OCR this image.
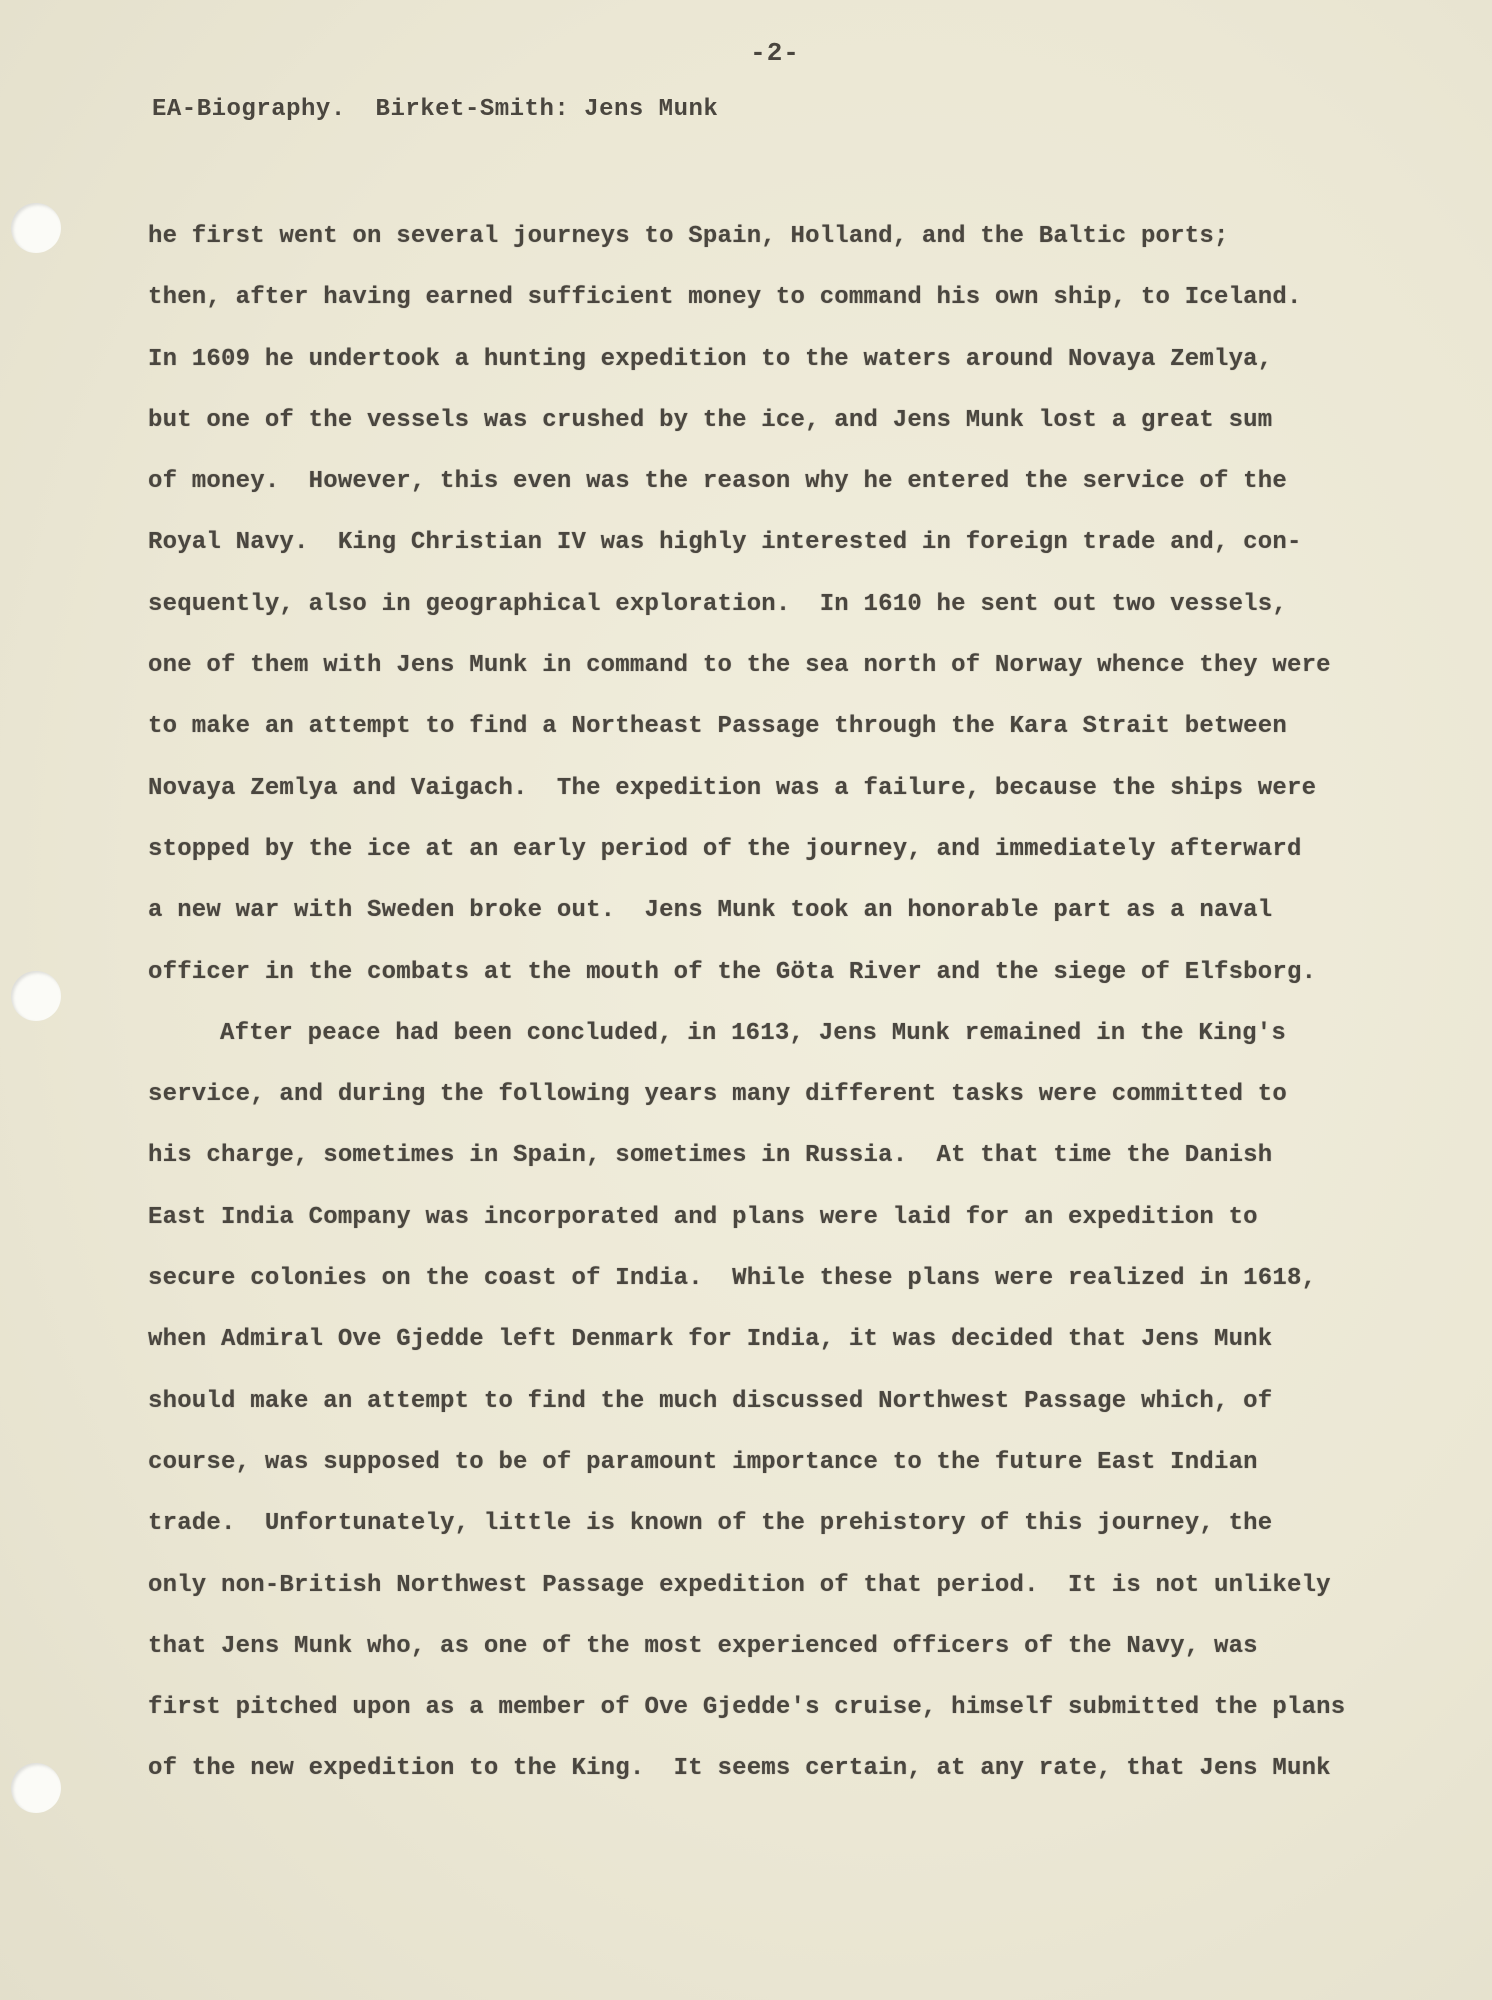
-2-
EA-Biography.  Birket-Smith: Jens Munk
he first went on several journeys to Spain, Holland, and the Baltic ports;
then, after having earned sufficient money to command his own ship, to Iceland.
In 1609 he undertook a hunting expedition to the waters around Novaya Zemlya,
but one of the vessels was crushed by the ice, and Jens Munk lost a great sum
of money.  However, this even was the reason why he entered the service of the
Royal Navy.  King Christian IV was highly interested in foreign trade and, con-
sequently, also in geographical exploration.  In 1610 he sent out two vessels,
one of them with Jens Munk in command to the sea north of Norway whence they were
to make an attempt to find a Northeast Passage through the Kara Strait between
Novaya Zemlya and Vaigach.  The expedition was a failure, because the ships were
stopped by the ice at an early period of the journey, and immediately afterward
a new war with Sweden broke out.  Jens Munk took an honorable part as a naval
officer in the combats at the mouth of the Göta River and the siege of Elfsborg.
After peace had been concluded, in 1613, Jens Munk remained in the King's
service, and during the following years many different tasks were committed to
his charge, sometimes in Spain, sometimes in Russia.  At that time the Danish
East India Company was incorporated and plans were laid for an expedition to
secure colonies on the coast of India.  While these plans were realized in 1618,
when Admiral Ove Gjedde left Denmark for India, it was decided that Jens Munk
should make an attempt to find the much discussed Northwest Passage which, of
course, was supposed to be of paramount importance to the future East Indian
trade.  Unfortunately, little is known of the prehistory of this journey, the
only non-British Northwest Passage expedition of that period.  It is not unlikely
that Jens Munk who, as one of the most experienced officers of the Navy, was
first pitched upon as a member of Ove Gjedde's cruise, himself submitted the plans
of the new expedition to the King.  It seems certain, at any rate, that Jens Munk
